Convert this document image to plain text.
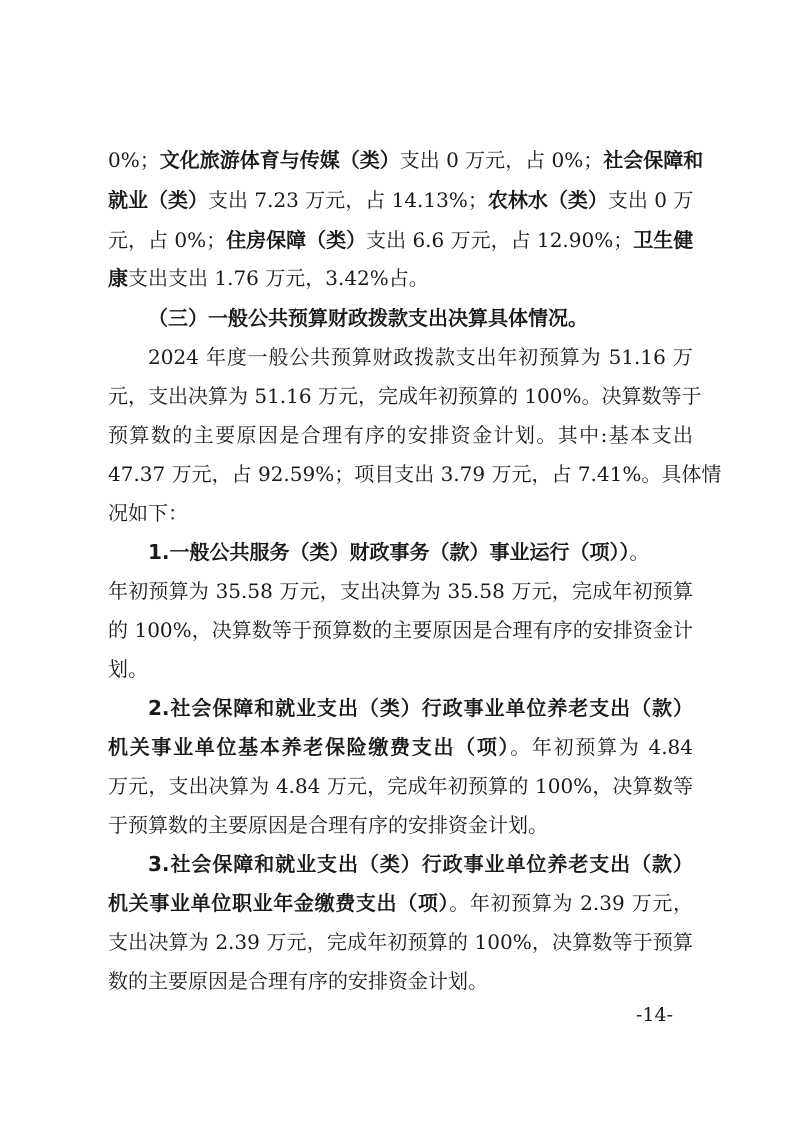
0%；文化旅游体育与传媒（类）支出 0 万元，占 0%；社会保障和
就业（类）支出 7.23 万元，占 14.13%；农林水（类）支出 0 万
元，占 0%；住房保障（类）支出 6.6 万元，占 12.90%；卫生健
康支出支出 1.76 万元，3.42%占。
（三）一般公共预算财政拨款支出决算具体情况。
2024 年度一般公共预算财政拨款支出年初预算为 51.16 万
元，支出决算为 51.16 万元，完成年初预算的 100%。决算数等于
预算数的主要原因是合理有序的安排资金计划。其中:基本支出
47.37 万元，占 92.59%；项目支出 3.79 万元，占 7.41%。具体情
况如下：
1.一般公共服务（类）财政事务（款）事业运行（项））。
年初预算为 35.58 万元，支出决算为 35.58 万元，完成年初预算
的 100%，决算数等于预算数的主要原因是合理有序的安排资金计
划。
2.社会保障和就业支出（类）行政事业单位养老支出（款）
机关事业单位基本养老保险缴费支出（项）。年初预算为 4.84
万元，支出决算为 4.84 万元，完成年初预算的 100%，决算数等
于预算数的主要原因是合理有序的安排资金计划。
3.社会保障和就业支出（类）行政事业单位养老支出（款）
机关事业单位职业年金缴费支出（项）。年初预算为 2.39 万元，
支出决算为 2.39 万元，完成年初预算的 100%，决算数等于预算
数的主要原因是合理有序的安排资金计划。
-14-
